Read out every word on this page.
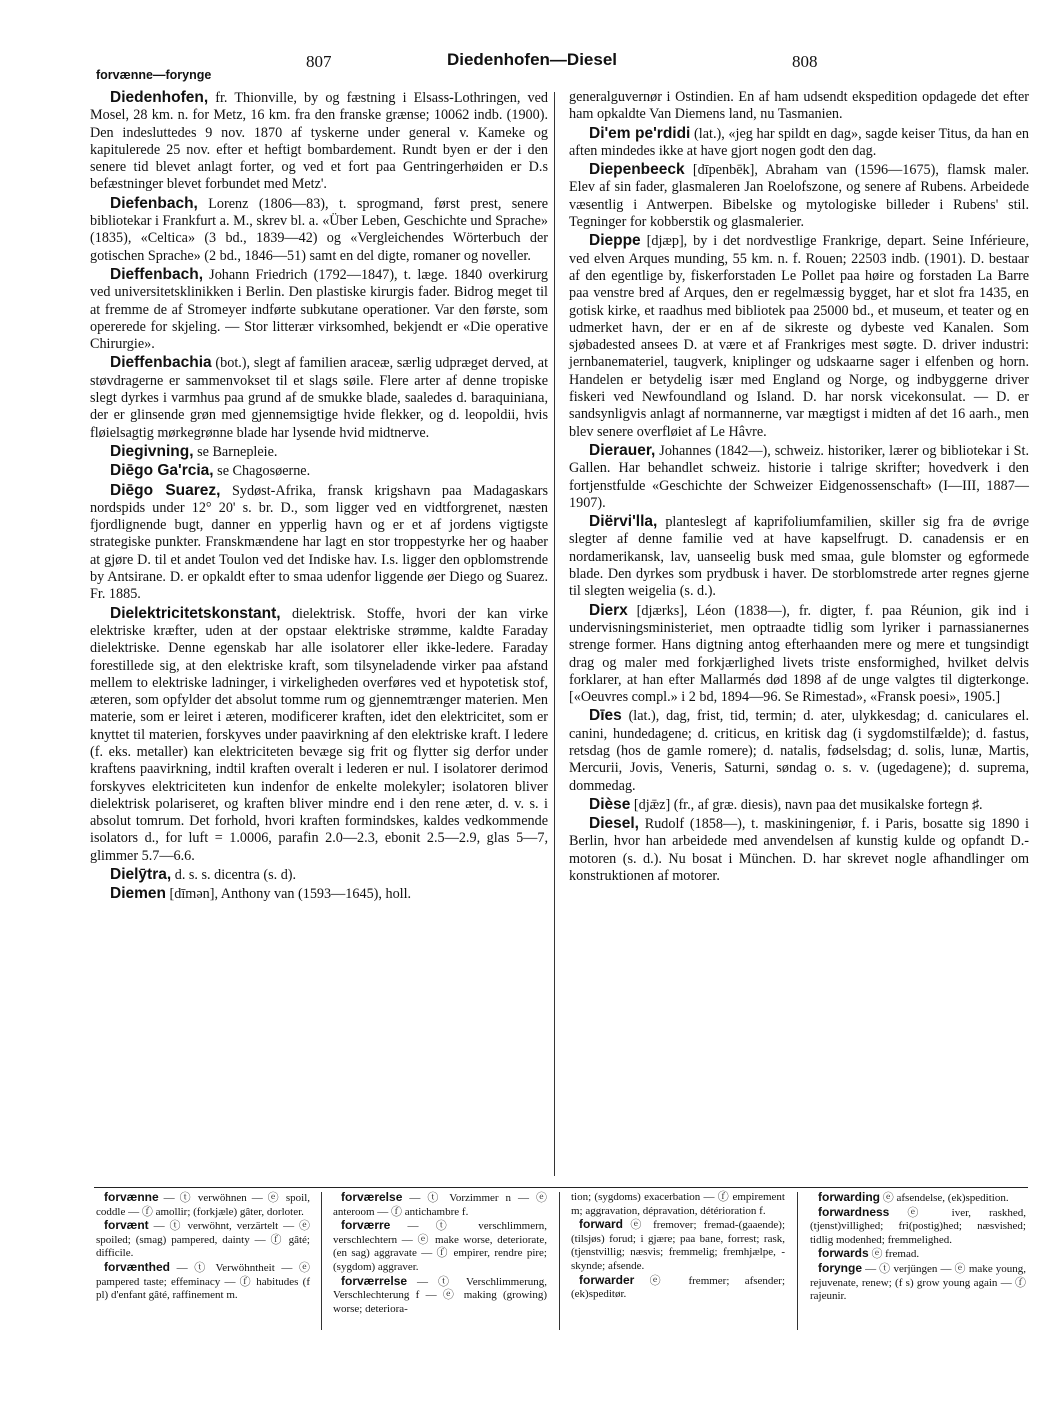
807	Diedenhofen—Diesel	808
forvænne—forynge
Diedenhofen, fr. Thionville, by og fæstning i Elsass-Lothringen, ved Mosel, 28 km. n. for Metz, 16 km. fra den franske grænse; 10062 indb. (1900). Den indesluttedes 9 nov. 1870 af tyskerne under general v. Kameke og kapitulerede 25 nov. efter et heftigt bombardement. Rundt byen er der i den senere tid blevet anlagt forter, og ved et fort paa Gentringerhøiden er D.s befæstninger blevet forbundet med Metz'.
Diefenbach, Lorenz (1806—83), t. sprogmand, først prest, senere bibliotekar i Frankfurt a. M., skrev bl. a. «Über Leben, Geschichte und Sprache» (1835), «Celtica» (3 bd., 1839—42) og «Vergleichendes Wörterbuch der gotischen Sprache» (2 bd., 1846—51) samt en del digte, romaner og noveller.
Dieffenbach, Johann Friedrich (1792—1847), t. læge. 1840 overkirurg ved universitetsklinikken i Berlin. Den plastiske kirurgis fader. Bidrog meget til at fremme de af Stromeyer indførte subkutane operationer. Var den første, som opererede for skjeling. — Stor litterær virksomhed, bekjendt er «Die operative Chirurgie».
Dieffenbachia (bot.), slegt af familien araceæ, særlig udpræget derved, at støvdragerne er sammenvokset til et slags søile. Flere arter af denne tropiske slegt dyrkes i varmhus paa grund af de smukke blade, saaledes d. baraquiniana, der er glinsende grøn med gjennemsigtige hvide flekker, og d. leopoldii, hvis fløielsagtig mørkegrønne blade har lysende hvid midtnerve.
Diegivning, se Barnepleie.
Diēgo Ga'rcia, se Chagosøerne.
Diēgo Suarez, Sydøst-Afrika, fransk krigshavn paa Madagaskars nordspids under 12° 20' s. br. D., som ligger ved en vidtforgrenet, næsten fjordlignende bugt, danner en ypperlig havn og er et af jordens vigtigste strategiske punkter. Franskmændene har lagt en stor troppestyrke her og haaber at gjøre D. til et andet Toulon ved det Indiske hav. I.s. ligger den opblomstrende by Antsirane. D. er opkaldt efter to smaa udenfor liggende øer Diego og Suarez. Fr. 1885.
Dielektricitetskonstant, dielektrisk. Stoffe, hvori der kan virke elektriske kræfter, uden at der opstaar elektriske strømme, kaldte Faraday dielektriske. Denne egenskab har alle isolatorer eller ikke-ledere. Faraday forestillede sig, at den elektriske kraft, som tilsyneladende virker paa afstand mellem to elektriske ladninger, i virkeligheden overføres ved et hypotetisk stof, æteren, som opfylder det absolut tomme rum og gjennemtrænger materien. Men materie, som er leiret i æteren, modificerer kraften, idet den elektricitet, som er knyttet til materien, forskyves under paavirkning af den elektriske kraft. I ledere (f. eks. metaller) kan elektriciteten bevæge sig frit og flytter sig derfor under kraftens paavirkning, indtil kraften overalt i lederen er nul. I isolatorer derimod forskyves elektriciteten kun indenfor de enkelte molekyler; isolatoren bliver dielektrisk polariseret, og kraften bliver mindre end i den rene æter, d. v. s. i absolut tomrum. Det forhold, hvori kraften formindskes, kaldes vedkommende isolators d., for luft = 1.0006, parafin 2.0—2.3, ebonit 2.5—2.9, glas 5—7, glimmer 5.7—6.6.
Dielȳtra, d. s. s. dicentra (s. d).
Diemen [dīmən], Anthony van (1593—1645), holl.
generalguvernør i Ostindien. En af ham udsendt ekspedition opdagede det efter ham opkaldte Van Diemens land, nu Tasmanien.
Di'em pe'rdidi (lat.), «jeg har spildt en dag», sagde keiser Titus, da han en aften mindedes ikke at have gjort nogen godt den dag.
Diepenbeeck [dīpenbēk], Abraham van (1596—1675), flamsk maler. Elev af sin fader, glasmaleren Jan Roelofszone, og senere af Rubens. Arbeidede væsentlig i Antwerpen. Bibelske og mytologiske billeder i Rubens' stil. Tegninger for kobberstik og glasmalerier.
Dieppe [djæp], by i det nordvestlige Frankrige, depart. Seine Inférieure, ved elven Arques munding, 55 km. n. f. Rouen; 22503 indb. (1901). D. bestaar af den egentlige by, fiskerforstaden Le Pollet paa høire og forstaden La Barre paa venstre bred af Arques, den er regelmæssig bygget, har et slot fra 1435, en gotisk kirke, et raadhus med bibliotek paa 25000 bd., et museum, et teater og en udmerket havn, der er en af de sikreste og dybeste ved Kanalen. Som sjøbadested ansees D. at være et af Frankriges mest søgte. D. driver industri: jernbanemateriel, taugverk, kniplinger og udskaarne sager i elfenben og horn. Handelen er betydelig især med England og Norge, og indbyggerne driver fiskeri ved Newfoundland og Island. D. har norsk vicekonsulat. — D. er sandsynligvis anlagt af normannerne, var mægtigst i midten af det 16 aarh., men blev senere overfløiet af Le Hâvre.
Dierauer, Johannes (1842—), schweiz. historiker, lærer og bibliotekar i St. Gallen. Har behandlet schweiz. historie i talrige skrifter; hovedverk i den fortjenstfulde «Geschichte der Schweizer Eidgenossenschaft» (I—III, 1887—1907).
Diërvi'lla, planteslegt af kaprifoliumfamilien, skiller sig fra de øvrige slegter af denne familie ved at have kapselfrugt. D. canadensis er en nordamerikansk, lav, uanseelig busk med smaa, gule blomster og egformede blade. Den dyrkes som prydbusk i haver. De storblomstrede arter regnes gjerne til slegten weigelia (s. d.).
Dierx [djærks], Léon (1838—), fr. digter, f. paa Réunion, gik ind i undervisningsministeriet, men optraadte tidlig som lyriker i parnassianernes strenge former. Hans digtning antog efterhaanden mere og mere et tungsindigt drag og maler med forkjærlighed livets triste ensformighed, hvilket delvis forklarer, at han efter Mallarmés død 1898 af de unge valgtes til digterkonge. [«Oeuvres compl.» i 2 bd, 1894—96. Se Rimestad», «Fransk poesi», 1905.]
Dīes (lat.), dag, frist, tid, termin; d. ater, ulykkesdag; d. caniculares el. canini, hundedagene; d. criticus, en kritisk dag (i sygdomstilfælde); d. fastus, retsdag (hos de gamle romere); d. natalis, fødselsdag; d. solis, lunæ, Martis, Mercurii, Jovis, Veneris, Saturni, søndag o. s. v. (ugedagene); d. suprema, dommedag.
Dièse [djǣz] (fr., af græ. diesis), navn paa det musikalske fortegn ♯.
Diesel, Rudolf (1858—), t. maskiningeniør, f. i Paris, bosatte sig 1890 i Berlin, hvor han arbeidede med anvendelsen af kunstig kulde og opfandt D.-motoren (s. d.). Nu bosat i München. D. har skrevet nogle afhandlinger om konstruktionen af motorer.
forvænne — ⓣ verwöhnen — ⓔ spoil, coddle — ⓕ amollir; (forkjæle) gâter, dorloter.
forvænt — ⓣ verwöhnt, verzärtelt — ⓔ spoiled; (smag) pampered, dainty — ⓕ gâté; difficile.
forvænthed — ⓣ Verwöhntheit — ⓔ pampered taste; effeminacy — ⓕ habitudes (f pl) d'enfant gâté, raffinement m.
forværelse — ⓣ Vorzimmer n — ⓔ anteroom — ⓕ antichambre f.
forværre — ⓣ verschlimmern, verschlechtern — ⓔ make worse, deteriorate, (en sag) aggravate — ⓕ empirer, rendre pire; (sygdom) aggraver.
forværrelse — ⓣ Verschlimmerung, Verschlechterung f — ⓔ making (growing) worse; deteriora-
tion; (sygdoms) exacerbation — ⓕ empirement m; aggravation, dépravation, détérioration f.
forward ⓔ fremover; fremad-(gaaende); (tilsjøs) forud; i gjære; paa bane, forrest; rask, (tjenstvillig; næsvis; fremmelig; fremhjælpe, -skynde; afsende.
forwarder ⓔ fremmer; afsender; (ek)speditør.
forwarding ⓔ afsendelse, (ek)spedition.
forwardness ⓔ iver, raskhed, (tjenst)villighed; fri(postig)hed; næsvished; tidlig modenhed; fremmelighed.
forwards ⓔ fremad.
forynge — ⓣ verjüngen — ⓔ make young, rejuvenate, renew; (f s) grow young again — ⓕ rajeunir.
